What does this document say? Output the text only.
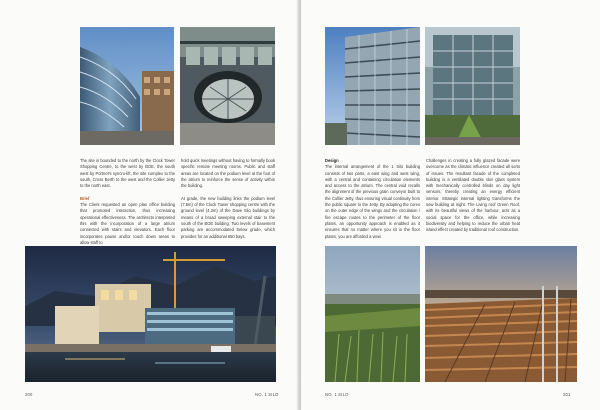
The site is bounded to the north by the Clock Tower Shopping Centre, to the west by BOE, the south west by Portnet's syncro-lift, the site complex to the south, Cross Berth to the west and the Collier Jetty to the north east.

Brief

The Client requested an open plan office building that promoted interaction, thus increasing operational effectiveness. The architects interpreted this with the incorporation of a large atrium connected with stairs and elevators. Each floor incorporates pause and/or touch down areas to allow staff to

hold quick meetings without having to formally book specific remote meeting rooms. Public and staff areas are located on the podium level at the foot of the atrium to reinforce the sense of activity within the building.

At grade, the new building links the podium level (7.5m) of the Clock Tower shopping centre with the ground level (4.2m) of the Dave Silo buildings by means of a broad sweeping external stair to the south of the BOE building. Two levels of basement parking are accommodated below grade, which provides for an additional 650 bays.

200	NO. 1 SILO

Design

The internal arrangement of the 1 Silo building consists of two parts, a east wing and west wing, with a central and containing circulation elements and access to the atrium. The central void recalls the alignment of the previous grain conveyor built to the Collier Jetty, thus ensuring visual continuity from the public square to the Jetty. By adopting the cores on the outer edge of the wings and the circulation / fire escape routes to the perimeter of the floor plates, an opportunity approach is enabled as it ensures that no matter where you sit in the floor plates, you are afforded a view.

Challenges in creating a fully glazed facade were overcome as the climatic influence created all sorts of issues. The resultant facade of the completed building is a ventilated double skin glass system with mechanically controlled blinds on day light sensors, thereby creating an energy efficient interior. Strategic internal lighting transforms the new building at night. The Living roof Green Roof, with its beautiful views of the harbour, acts as a social space for the office, while increasing biodiversity and helping to reduce the urban heat island effect created by traditional roof construction.

NO. 1 SILO	201
